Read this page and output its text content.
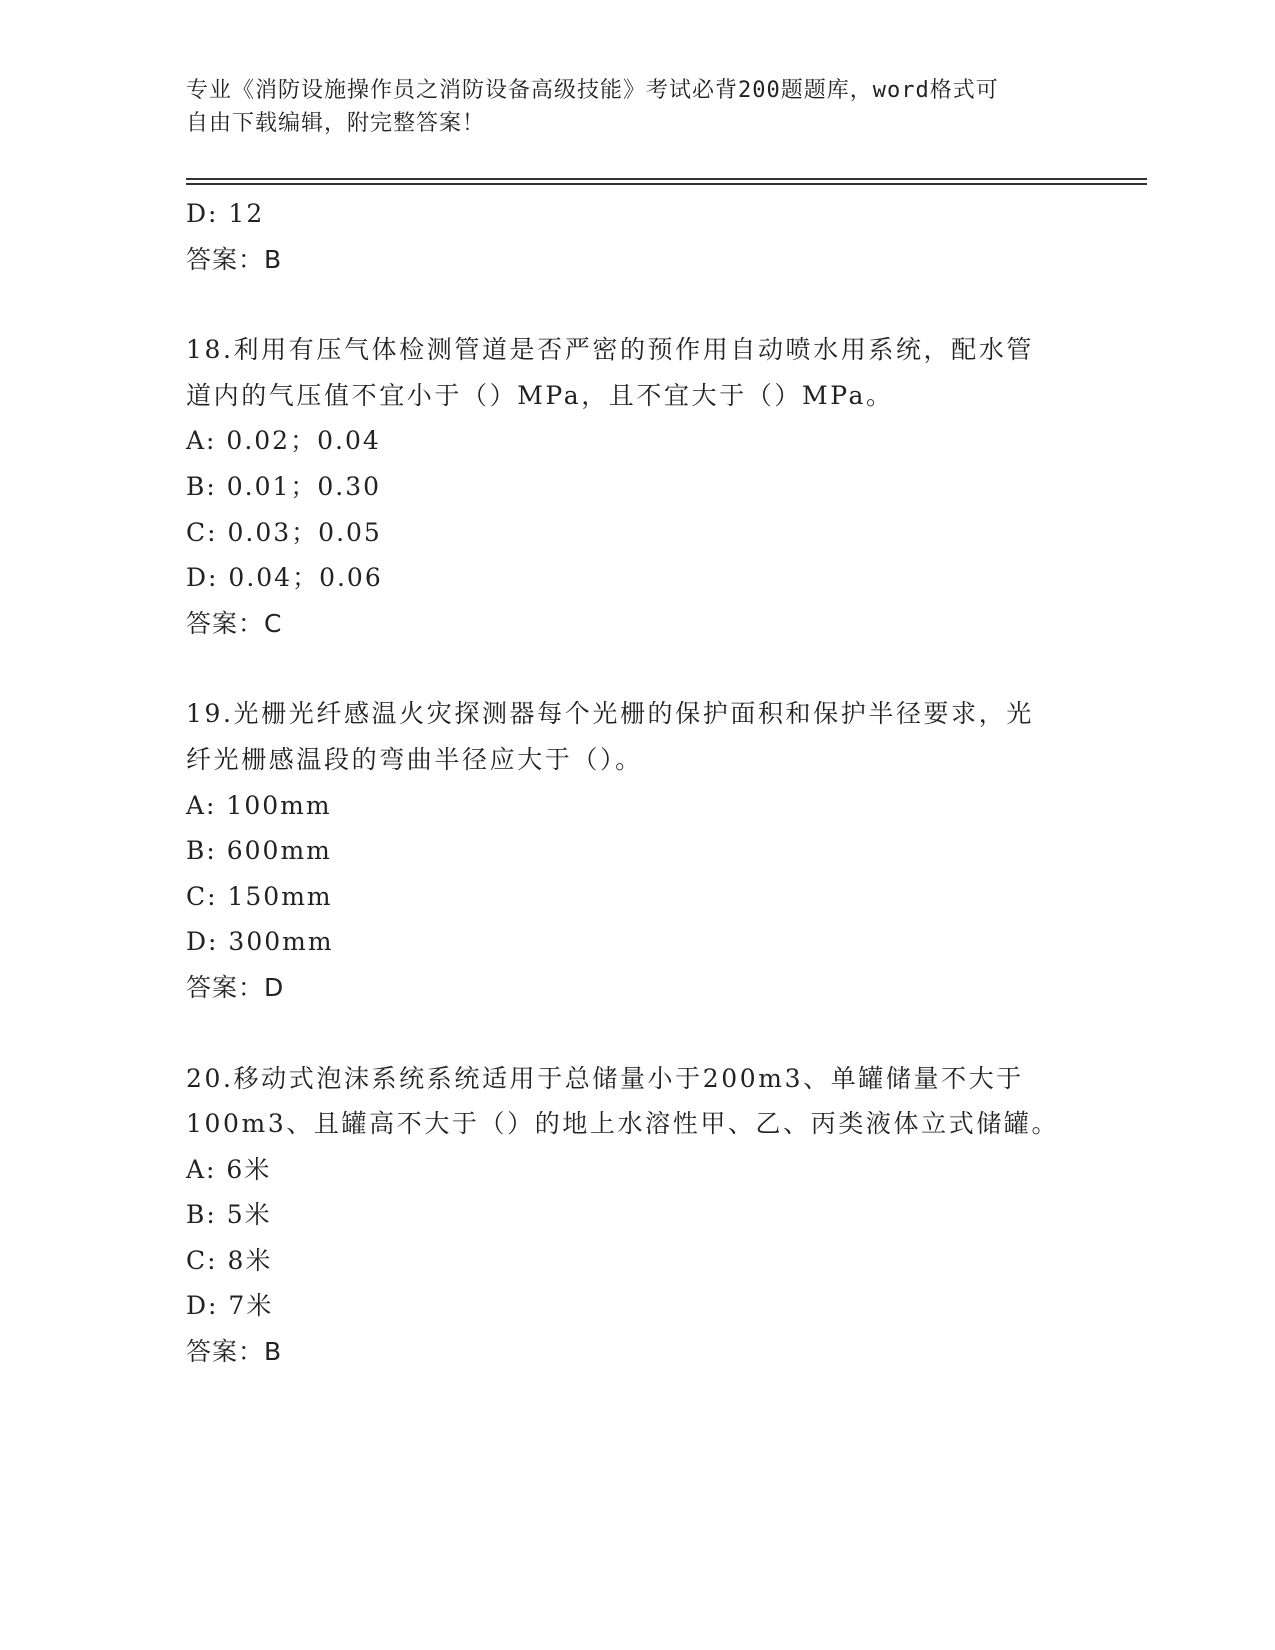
专业《消防设施操作员之消防设备高级技能》考试必背200题题库，word格式可
自由下载编辑，附完整答案！
D: 12
答案：B
18.利用有压气体检测管道是否严密的预作用自动喷水用系统，配水管
道内的气压值不宜小于（）MPa，且不宜大于（）MPa。
A: 0.02；0.04
B: 0.01；0.30
C: 0.03；0.05
D: 0.04；0.06
答案：C
19.光栅光纤感温火灾探测器每个光栅的保护面积和保护半径要求，光
纤光栅感温段的弯曲半径应大于（）。
A: 100mm
B: 600mm
C: 150mm
D: 300mm
答案：D
20.移动式泡沫系统系统适用于总储量小于200m3、单罐储量不大于
100m3、且罐高不大于（）的地上水溶性甲、乙、丙类液体立式储罐。
A: 6米
B: 5米
C: 8米
D: 7米
答案：B
